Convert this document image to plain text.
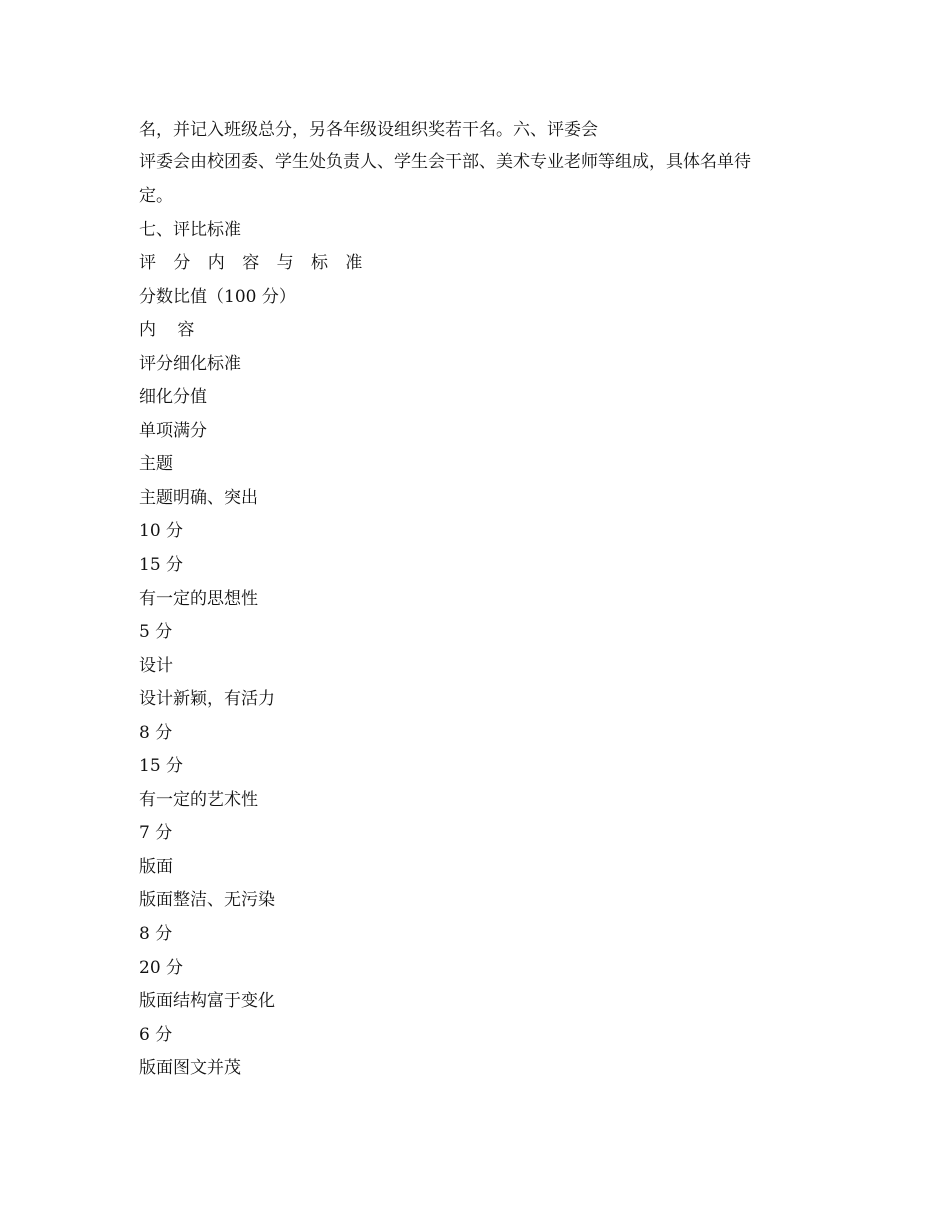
名，并记入班级总分，另各年级设组织奖若干名。六、评委会
评委会由校团委、学生处负责人、学生会干部、美术专业老师等组成，具体名单待
定。
七、评比标准
评 分 内 容 与 标 准
分数比值（100 分）
内 容
评分细化标准
细化分值
单项满分
主题
主题明确、突出
10 分
15 分
有一定的思想性
5 分
设计
设计新颖，有活力
8 分
15 分
有一定的艺术性
7 分
版面
版面整洁、无污染
8 分
20 分
版面结构富于变化
6 分
版面图文并茂
